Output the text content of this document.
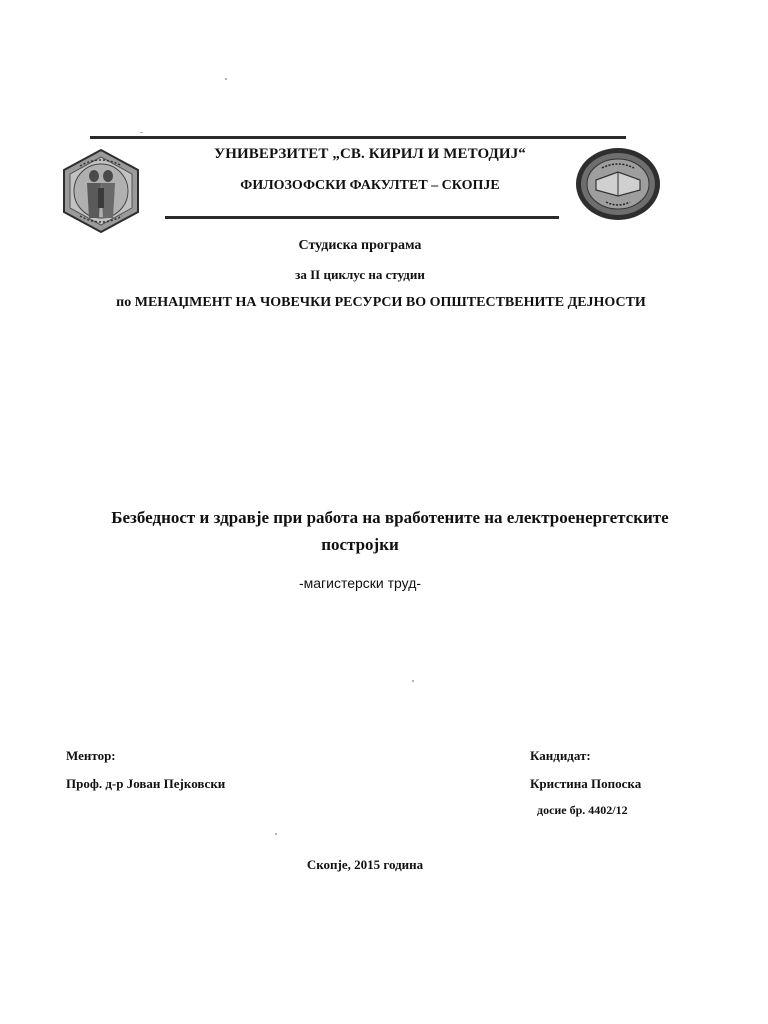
УНИВЕРЗИТЕТ „СВ. КИРИЛ И МЕТОДИЈ“
ФИЛОЗОФСКИ ФАКУЛТЕТ – СКОПЈЕ
Студиска програма
за II циклус на студии
по МЕНАЏМЕНТ НА ЧОВЕЧКИ РЕСУРСИ ВО ОПШТЕСТВЕНИТЕ ДЕЈНОСТИ
Безбедност и здравје при работа на вработените на електроенергетските
постројки
-магистерски труд-
Ментор:
Проф. д-р Јован Пејковски
Кандидат:
Кристина Попоска
досие бр. 4402/12
Скопје, 2015 година
